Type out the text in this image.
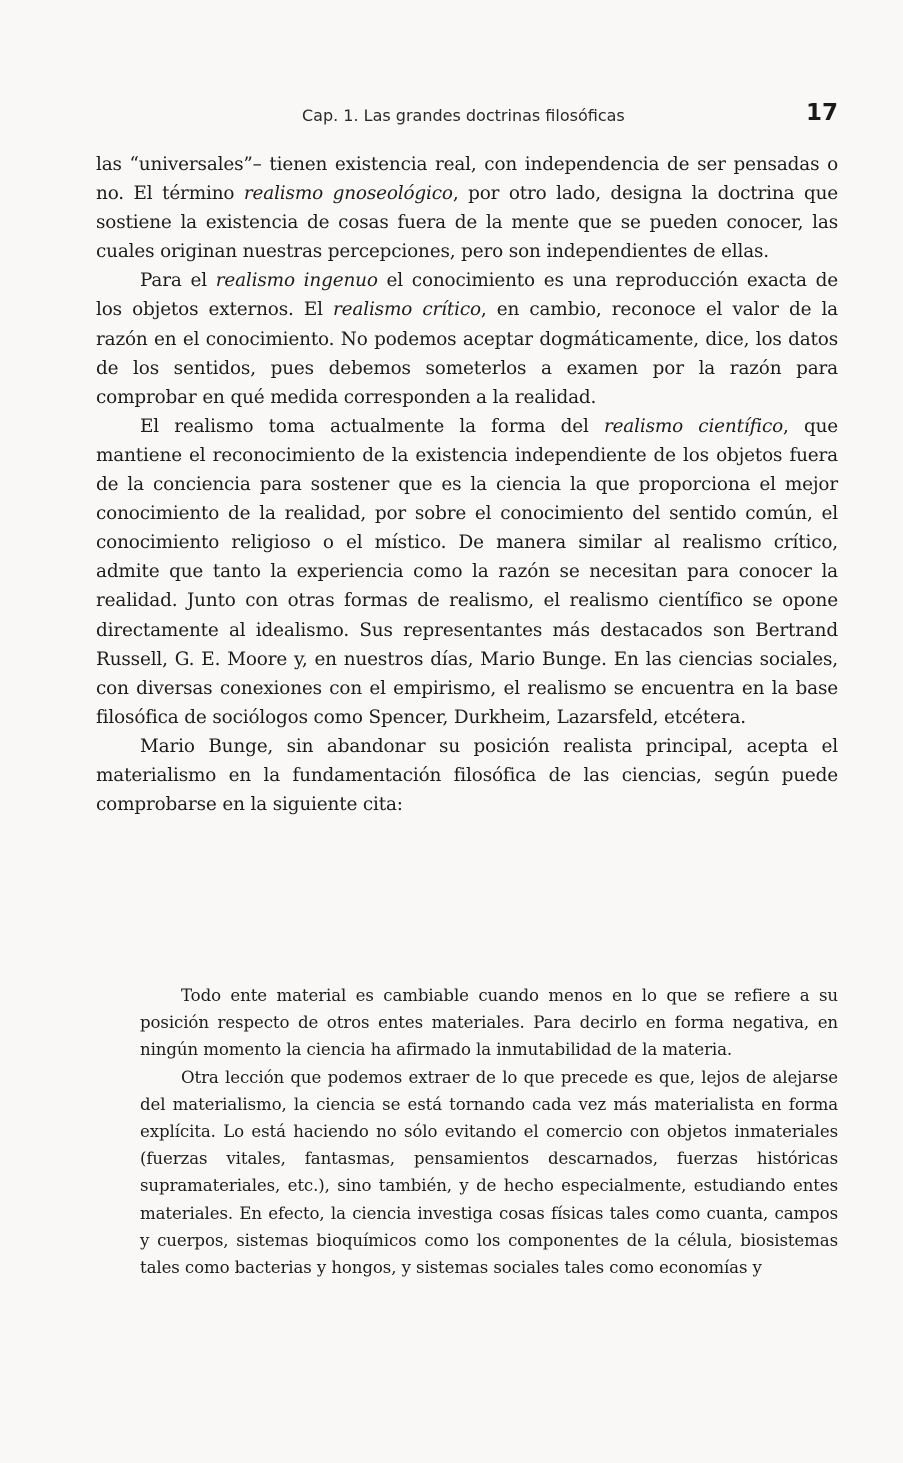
Cap. 1. Las grandes doctrinas filosóficas	17

las “universales”– tienen existencia real, con independencia de ser pensadas o no. El término realismo gnoseológico, por otro lado, designa la doctrina que sostiene la existencia de cosas fuera de la mente que se pueden conocer, las cuales originan nuestras percepciones, pero son independientes de ellas.

Para el realismo ingenuo el conocimiento es una reproducción exacta de los objetos externos. El realismo crítico, en cambio, reconoce el valor de la razón en el conocimiento. No podemos aceptar dogmáticamente, dice, los datos de los sentidos, pues debemos someterlos a examen por la razón para comprobar en qué medida corresponden a la realidad.

El realismo toma actualmente la forma del realismo científico, que mantiene el reconocimiento de la existencia independiente de los objetos fuera de la conciencia para sostener que es la ciencia la que proporciona el mejor conocimiento de la realidad, por sobre el conocimiento del sentido común, el conocimiento religioso o el místico. De manera similar al realismo crítico, admite que tanto la experiencia como la razón se necesitan para conocer la realidad. Junto con otras formas de realismo, el realismo científico se opone directamente al idealismo. Sus representantes más destacados son Bertrand Russell, G. E. Moore y, en nuestros días, Mario Bunge. En las ciencias sociales, con diversas conexiones con el empirismo, el realismo se encuentra en la base filosófica de sociólogos como Spencer, Durkheim, Lazarsfeld, etcétera.

Mario Bunge, sin abandonar su posición realista principal, acepta el materialismo en la fundamentación filosófica de las ciencias, según puede comprobarse en la siguiente cita:

Todo ente material es cambiable cuando menos en lo que se refiere a su posición respecto de otros entes materiales. Para decirlo en forma negativa, en ningún momento la ciencia ha afirmado la inmutabilidad de la materia.

Otra lección que podemos extraer de lo que precede es que, lejos de alejarse del materialismo, la ciencia se está tornando cada vez más materialista en forma explícita. Lo está haciendo no sólo evitando el comercio con objetos inmateriales (fuerzas vitales, fantasmas, pensamientos descarnados, fuerzas históricas supramateriales, etc.), sino también, y de hecho especialmente, estudiando entes materiales. En efecto, la ciencia investiga cosas físicas tales como cuanta, campos y cuerpos, sistemas bioquímicos como los componentes de la célula, biosistemas tales como bacterias y hongos, y sistemas sociales tales como economías y
